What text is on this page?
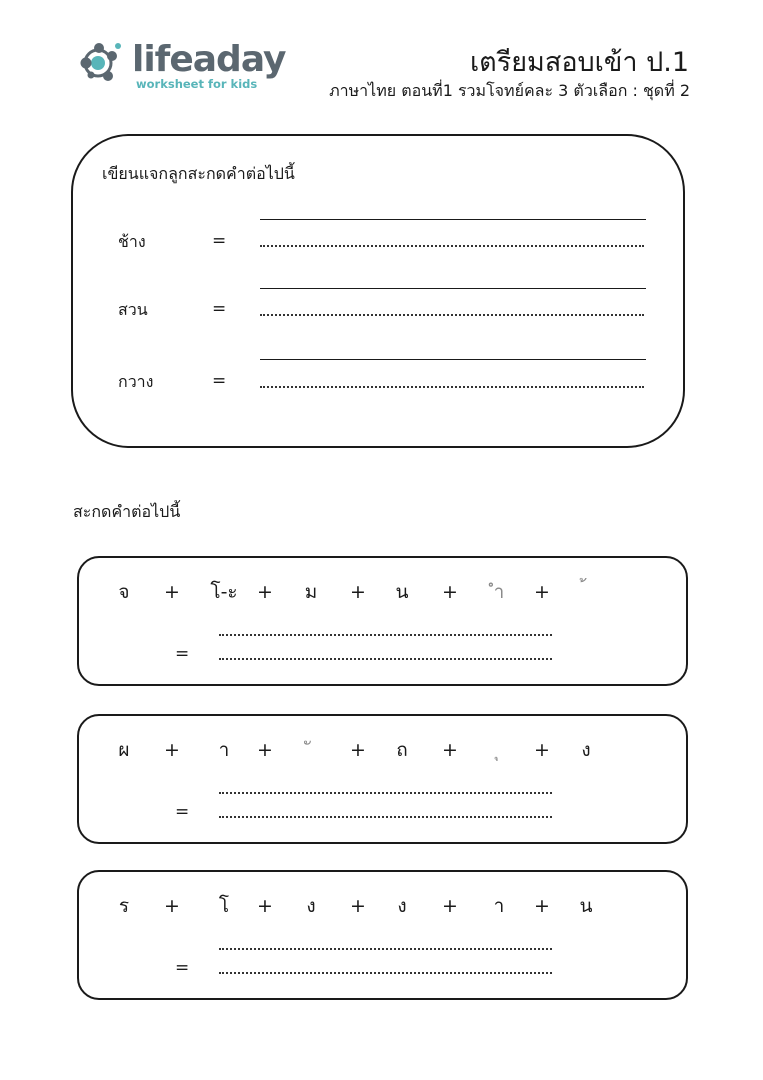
lifeaday
worksheet for kids
เตรียมสอบเข้า ป.1
ภาษาไทย ตอนที่1 รวมโจทย์คละ 3 ตัวเลือก : ชุดที่ 2
เขียนแจกลูกสะกดคำต่อไปนี้
ช้าง	=
สวน	=
กวาง	=
สะกดคำต่อไปนี้
จ	+	โ-ะ	+	ม	+	น	+	ำ	+
=
ผ	+	า	+	+	ถ	+	+	ง
=
ร	+	โ	+	ง	+	ง	+	า	+	น
=
